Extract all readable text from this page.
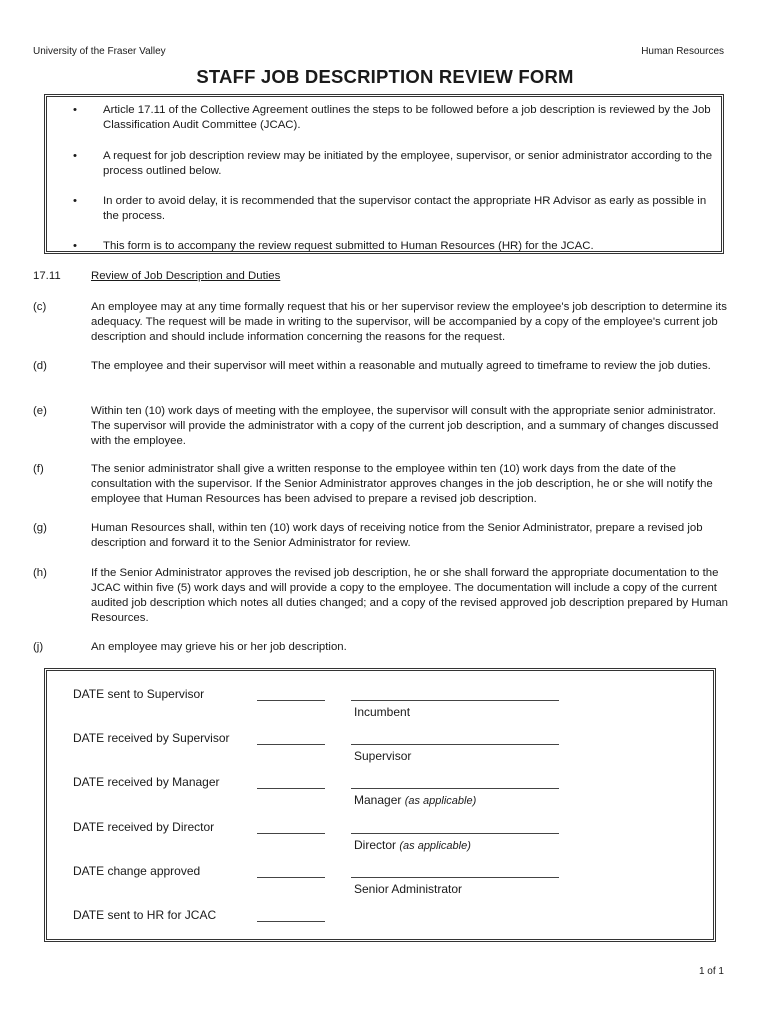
University of the Fraser Valley	Human Resources
STAFF JOB DESCRIPTION REVIEW FORM
• Article 17.11 of the Collective Agreement outlines the steps to be followed before a job description is reviewed by the Job Classification Audit Committee (JCAC).
• A request for job description review may be initiated by the employee, supervisor, or senior administrator according to the process outlined below.
• In order to avoid delay, it is recommended that the supervisor contact the appropriate HR Advisor as early as possible in the process.
• This form is to accompany the review request submitted to Human Resources (HR) for the JCAC.
17.11	Review of Job Description and Duties
(c)	An employee may at any time formally request that his or her supervisor review the employee's job description to determine its adequacy. The request will be made in writing to the supervisor, will be accompanied by a copy of the employee's current job description and should include information concerning the reasons for the request.
(d)	The employee and their supervisor will meet within a reasonable and mutually agreed to timeframe to review the job duties.
(e)	Within ten (10) work days of meeting with the employee, the supervisor will consult with the appropriate senior administrator. The supervisor will provide the administrator with a copy of the current job description, and a summary of changes discussed with the employee.
(f)	The senior administrator shall give a written response to the employee within ten (10) work days from the date of the consultation with the supervisor. If the Senior Administrator approves changes in the job description, he or she will notify the employee that Human Resources has been advised to prepare a revised job description.
(g)	Human Resources shall, within ten (10) work days of receiving notice from the Senior Administrator, prepare a revised job description and forward it to the Senior Administrator for review.
(h)	If the Senior Administrator approves the revised job description, he or she shall forward the appropriate documentation to the JCAC within five (5) work days and will provide a copy to the employee. The documentation will include a copy of the current audited job description which notes all duties changed; and a copy of the revised approved job description prepared by Human Resources.
(j)	An employee may grieve his or her job description.
DATE sent to Supervisor
Incumbent
DATE received by Supervisor
Supervisor
DATE received by Manager
Manager (as applicable)
DATE received by Director
Director (as applicable)
DATE change approved
Senior Administrator
DATE sent to HR for JCAC
1 of 1
